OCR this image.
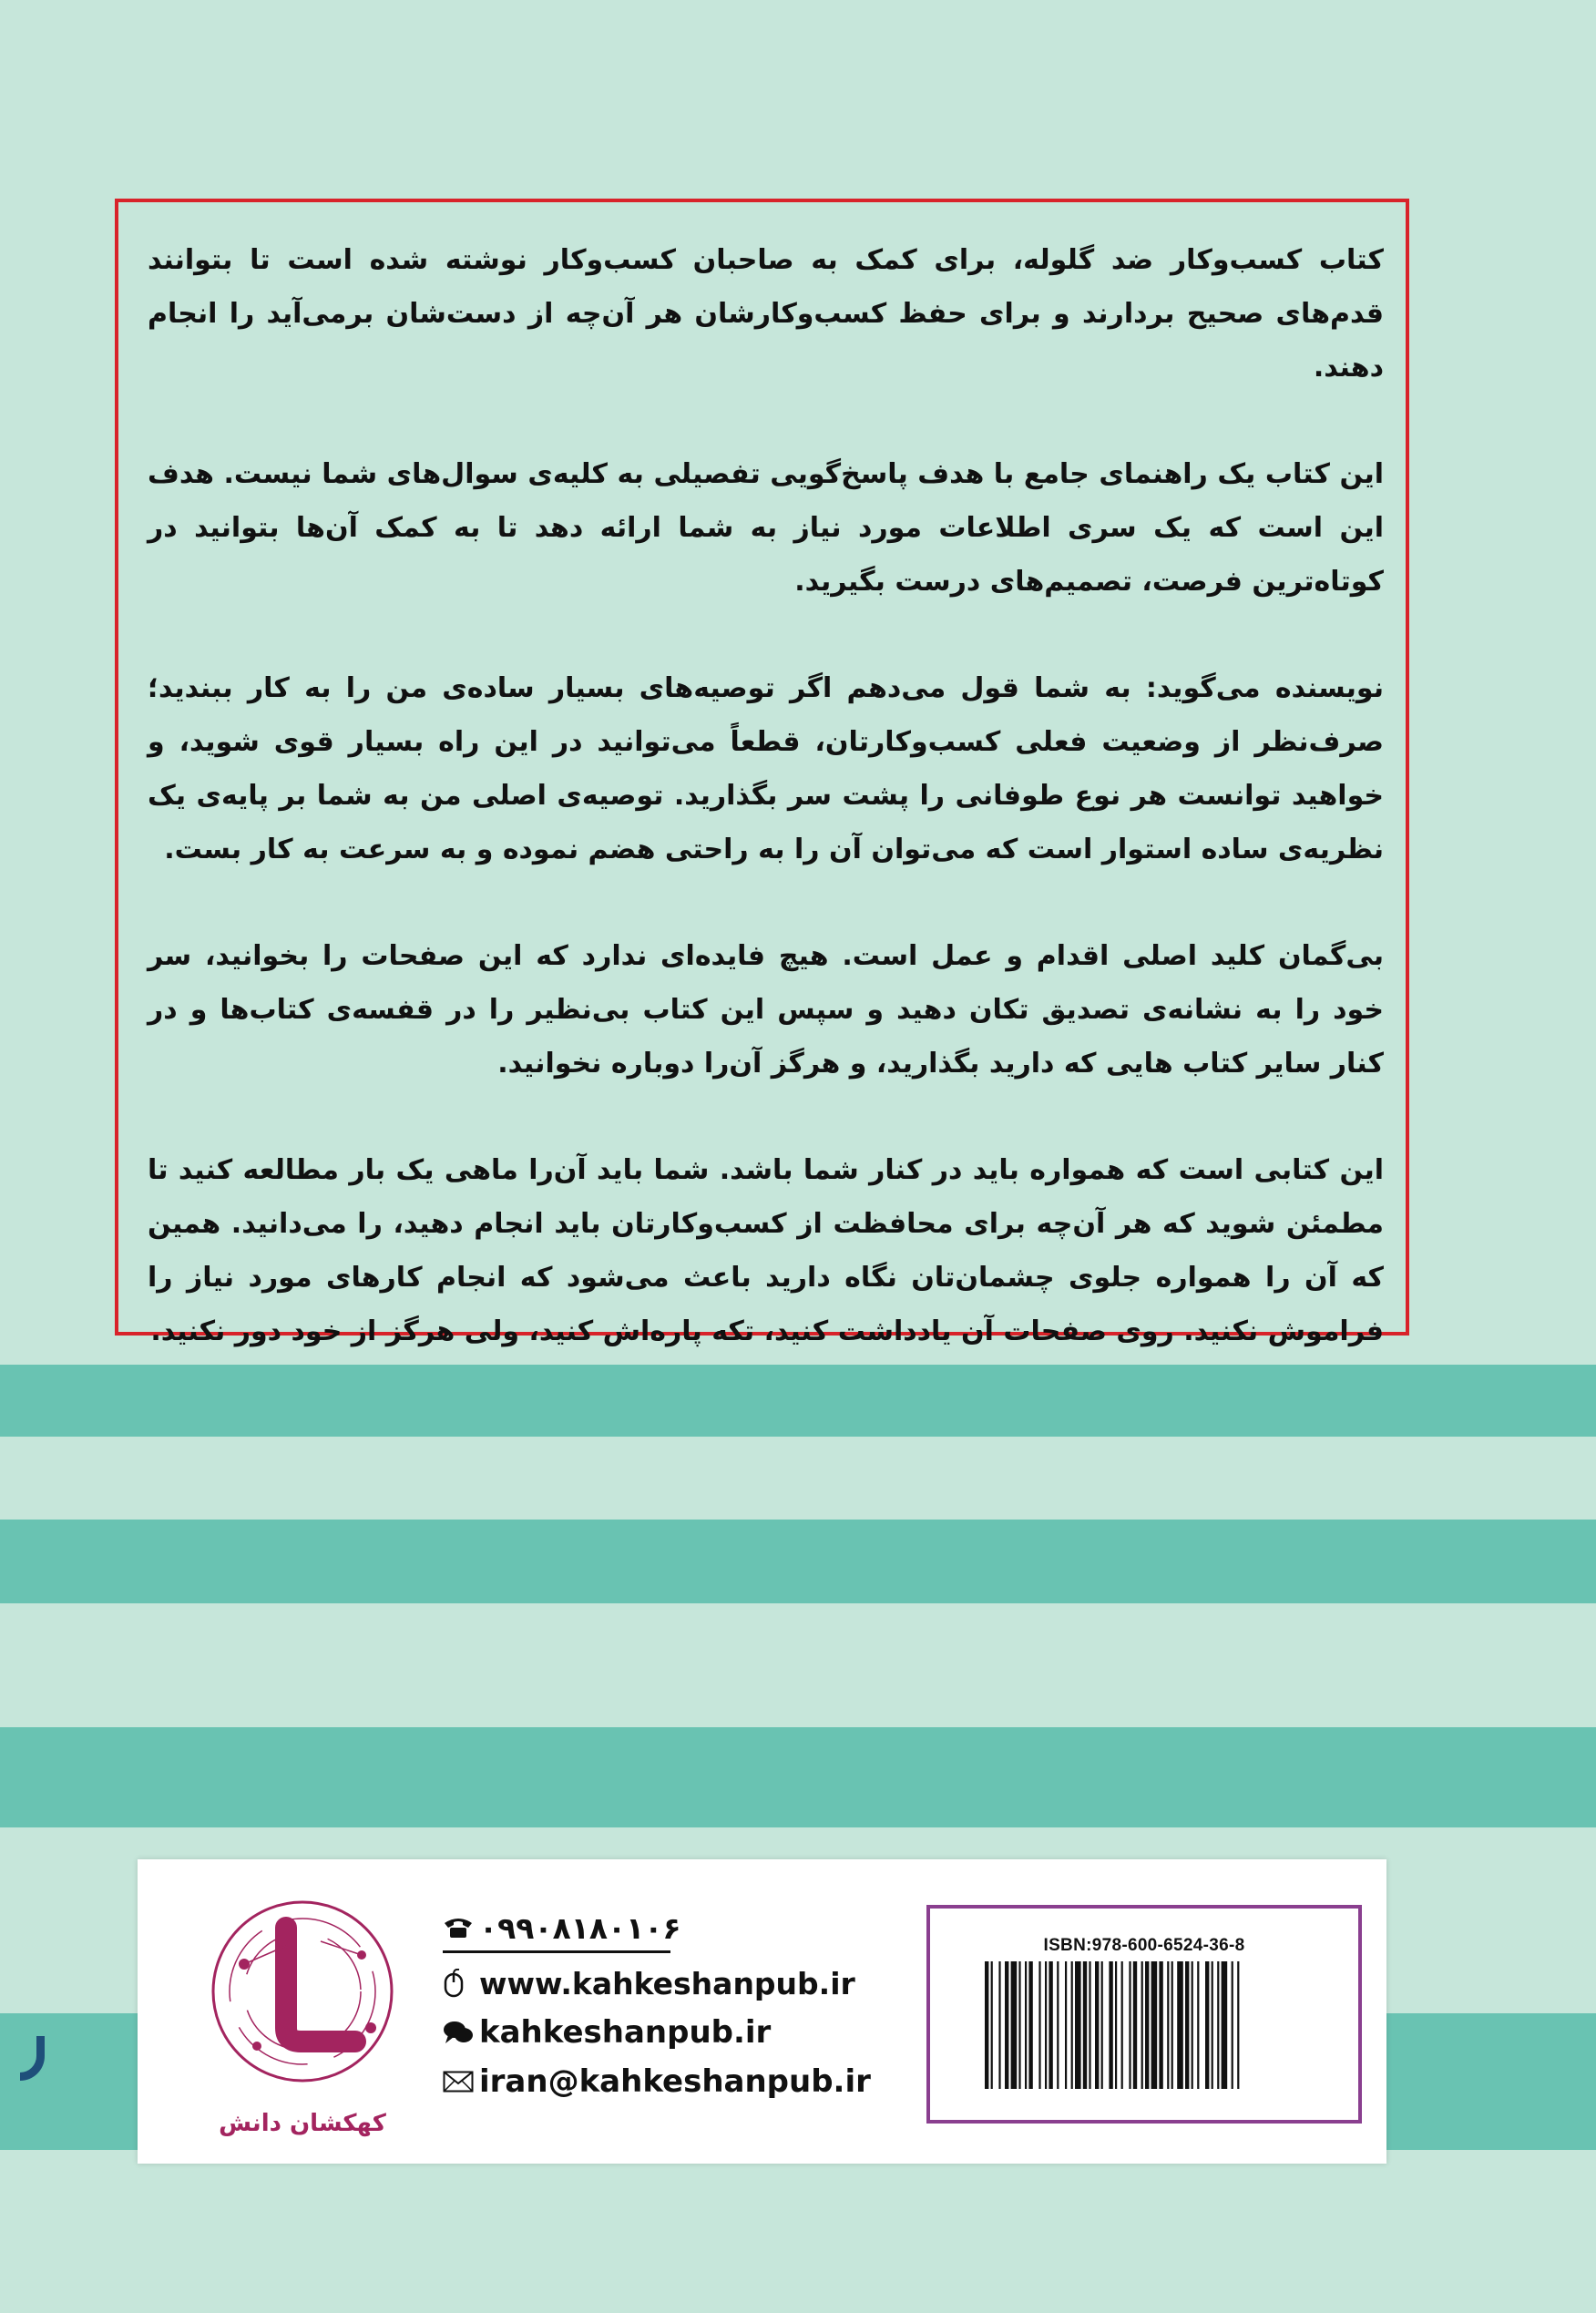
کتاب کسب‌وکار ضد گلوله، برای کمک به صاحبان کسب‌وکار نوشته شده است تا بتوانند قدم‌های صحیح بردارند و برای حفظ کسب‌وکارشان هر آن‌چه از دست‌شان برمی‌آید را انجام دهند.

این کتاب یک راهنمای جامع با هدف پاسخ‌گویی تفصیلی به کلیه‌ی سوال‌های شما نیست. هدف این است که یک سری اطلاعات مورد نیاز به شما ارائه دهد تا به کمک آن‌ها بتوانید در کوتاه‌ترین فرصت، تصمیم‌های درست بگیرید.

نویسنده می‌گوید: به شما قول می‌دهم اگر توصیه‌های بسیار ساده‌ی من را به کار ببندید؛ صرف‌نظر از وضعیت فعلی کسب‌وکارتان، قطعاً می‌توانید در این راه بسیار قوی شوید، و خواهید توانست هر نوع طوفانی را پشت سر بگذارید. توصیه‌ی اصلی من به شما بر پایه‌ی یک نظریه‌ی ساده استوار است که می‌توان آن را به راحتی هضم نموده و به سرعت به کار بست.

بی‌گمان کلید اصلی اقدام و عمل است. هیچ فایده‌ای ندارد که این صفحات را بخوانید، سر خود را به نشانه‌ی تصدیق تکان دهید و سپس این کتاب بی‌نظیر را در قفسه‌ی کتاب‌ها و در کنار سایر کتاب هایی که دارید بگذارید، و هرگز آن‌را دوباره نخوانید.

این کتابی است که همواره باید در کنار شما باشد. شما باید آن‌را ماهی یک بار مطالعه کنید تا مطمئن شوید که هر آن‌چه برای محافظت از کسب‌وکارتان باید انجام دهید، را می‌دانید. همین که آن را همواره جلوی چشمان‌تان نگاه دارید باعث می‌شود که انجام کارهای مورد نیاز را فراموش نکنید. روی صفحات آن یادداشت کنید، تکه پاره‌اش کنید، ولی هرگز از خود دور نکنید.

کهکشان دانش
۰۹۹۰۸۱۸۰۱۰۶
www.kahkeshanpub.ir
kahkeshanpub.ir
iran@kahkeshanpub.ir
ISBN:978-600-6524-36-8
